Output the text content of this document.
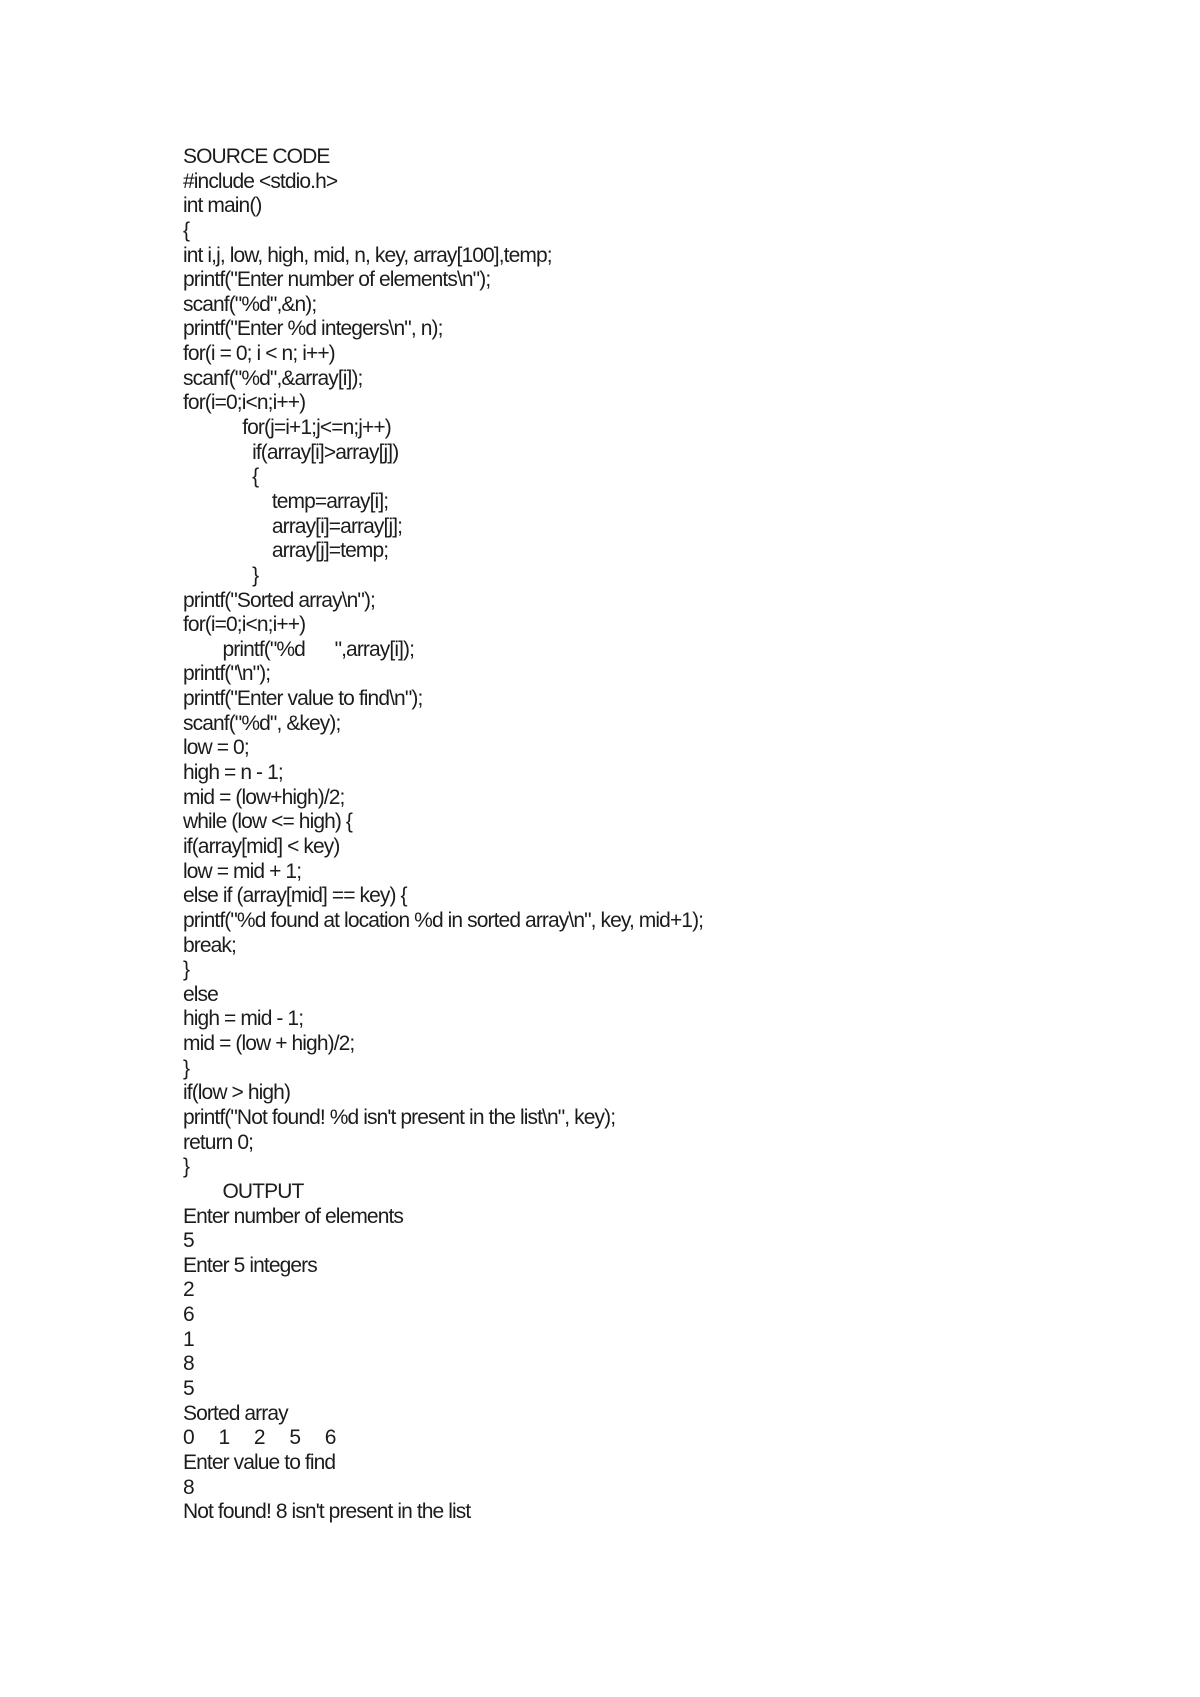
SOURCE CODE
#include <stdio.h>
int main()
{
int i,j, low, high, mid, n, key, array[100],temp;
printf("Enter number of elements\n");
scanf("%d",&n);
printf("Enter %d integers\n", n);
for(i = 0; i < n; i++)
scanf("%d",&array[i]);
for(i=0;i<n;i++)
for(j=i+1;j<=n;j++)
if(array[i]>array[j])
{
temp=array[i];
array[i]=array[j];
array[j]=temp;
}
printf("Sorted array\n");
for(i=0;i<n;i++)
printf("%d      ",array[i]);
printf("\n");
printf("Enter value to find\n");
scanf("%d", &key);
low = 0;
high = n - 1;
mid = (low+high)/2;
while (low <= high) {
if(array[mid] < key)
low = mid + 1;
else if (array[mid] == key) {
printf("%d found at location %d in sorted array\n", key, mid+1);
break;
}
else
high = mid - 1;
mid = (low + high)/2;
}
if(low > high)
printf("Not found! %d isn't present in the list\n", key);
return 0;
}
OUTPUT
Enter number of elements
5
Enter 5 integers
2
6
1
8
5
Sorted array
0     1     2     5     6
Enter value to find
8
Not found! 8 isn't present in the list
